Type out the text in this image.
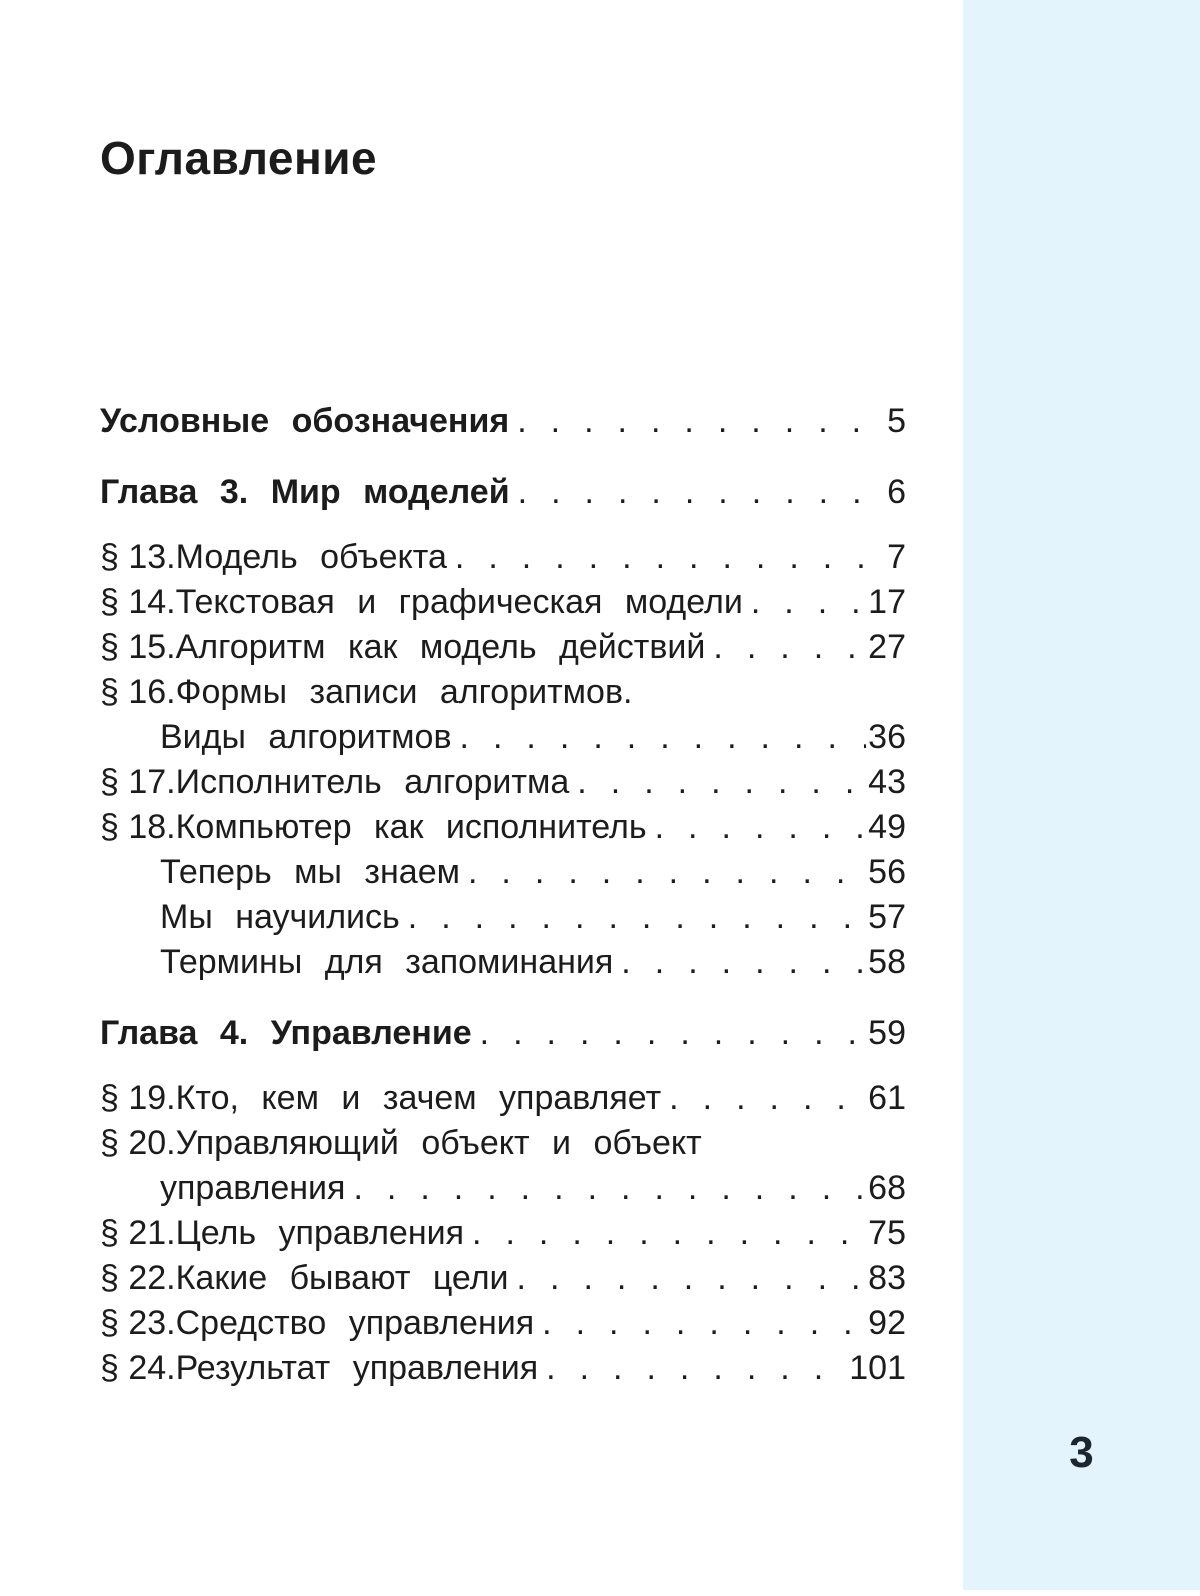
3
Оглавление
Условные обозначения .....	5
Глава 3. Мир моделей .....	6
§ 13. Модель объекта .....	7
§ 14. Текстовая и графическая модели .....	17
§ 15. Алгоритм как модель действий .....	27
§ 16. Формы записи алгоритмов.
Виды алгоритмов .....	36
§ 17. Исполнитель алгоритма .....	43
§ 18. Компьютер как исполнитель .....	49
Теперь мы знаем .....	56
Мы научились .....	57
Термины для запоминания .....	58
Глава 4. Управление .....	59
§ 19. Кто, кем и зачем управляет .....	61
§ 20. Управляющий объект и объект
управления .....	68
§ 21. Цель управления .....	75
§ 22. Какие бывают цели .....	83
§ 23. Средство управления .....	92
§ 24. Результат управления .....	101
